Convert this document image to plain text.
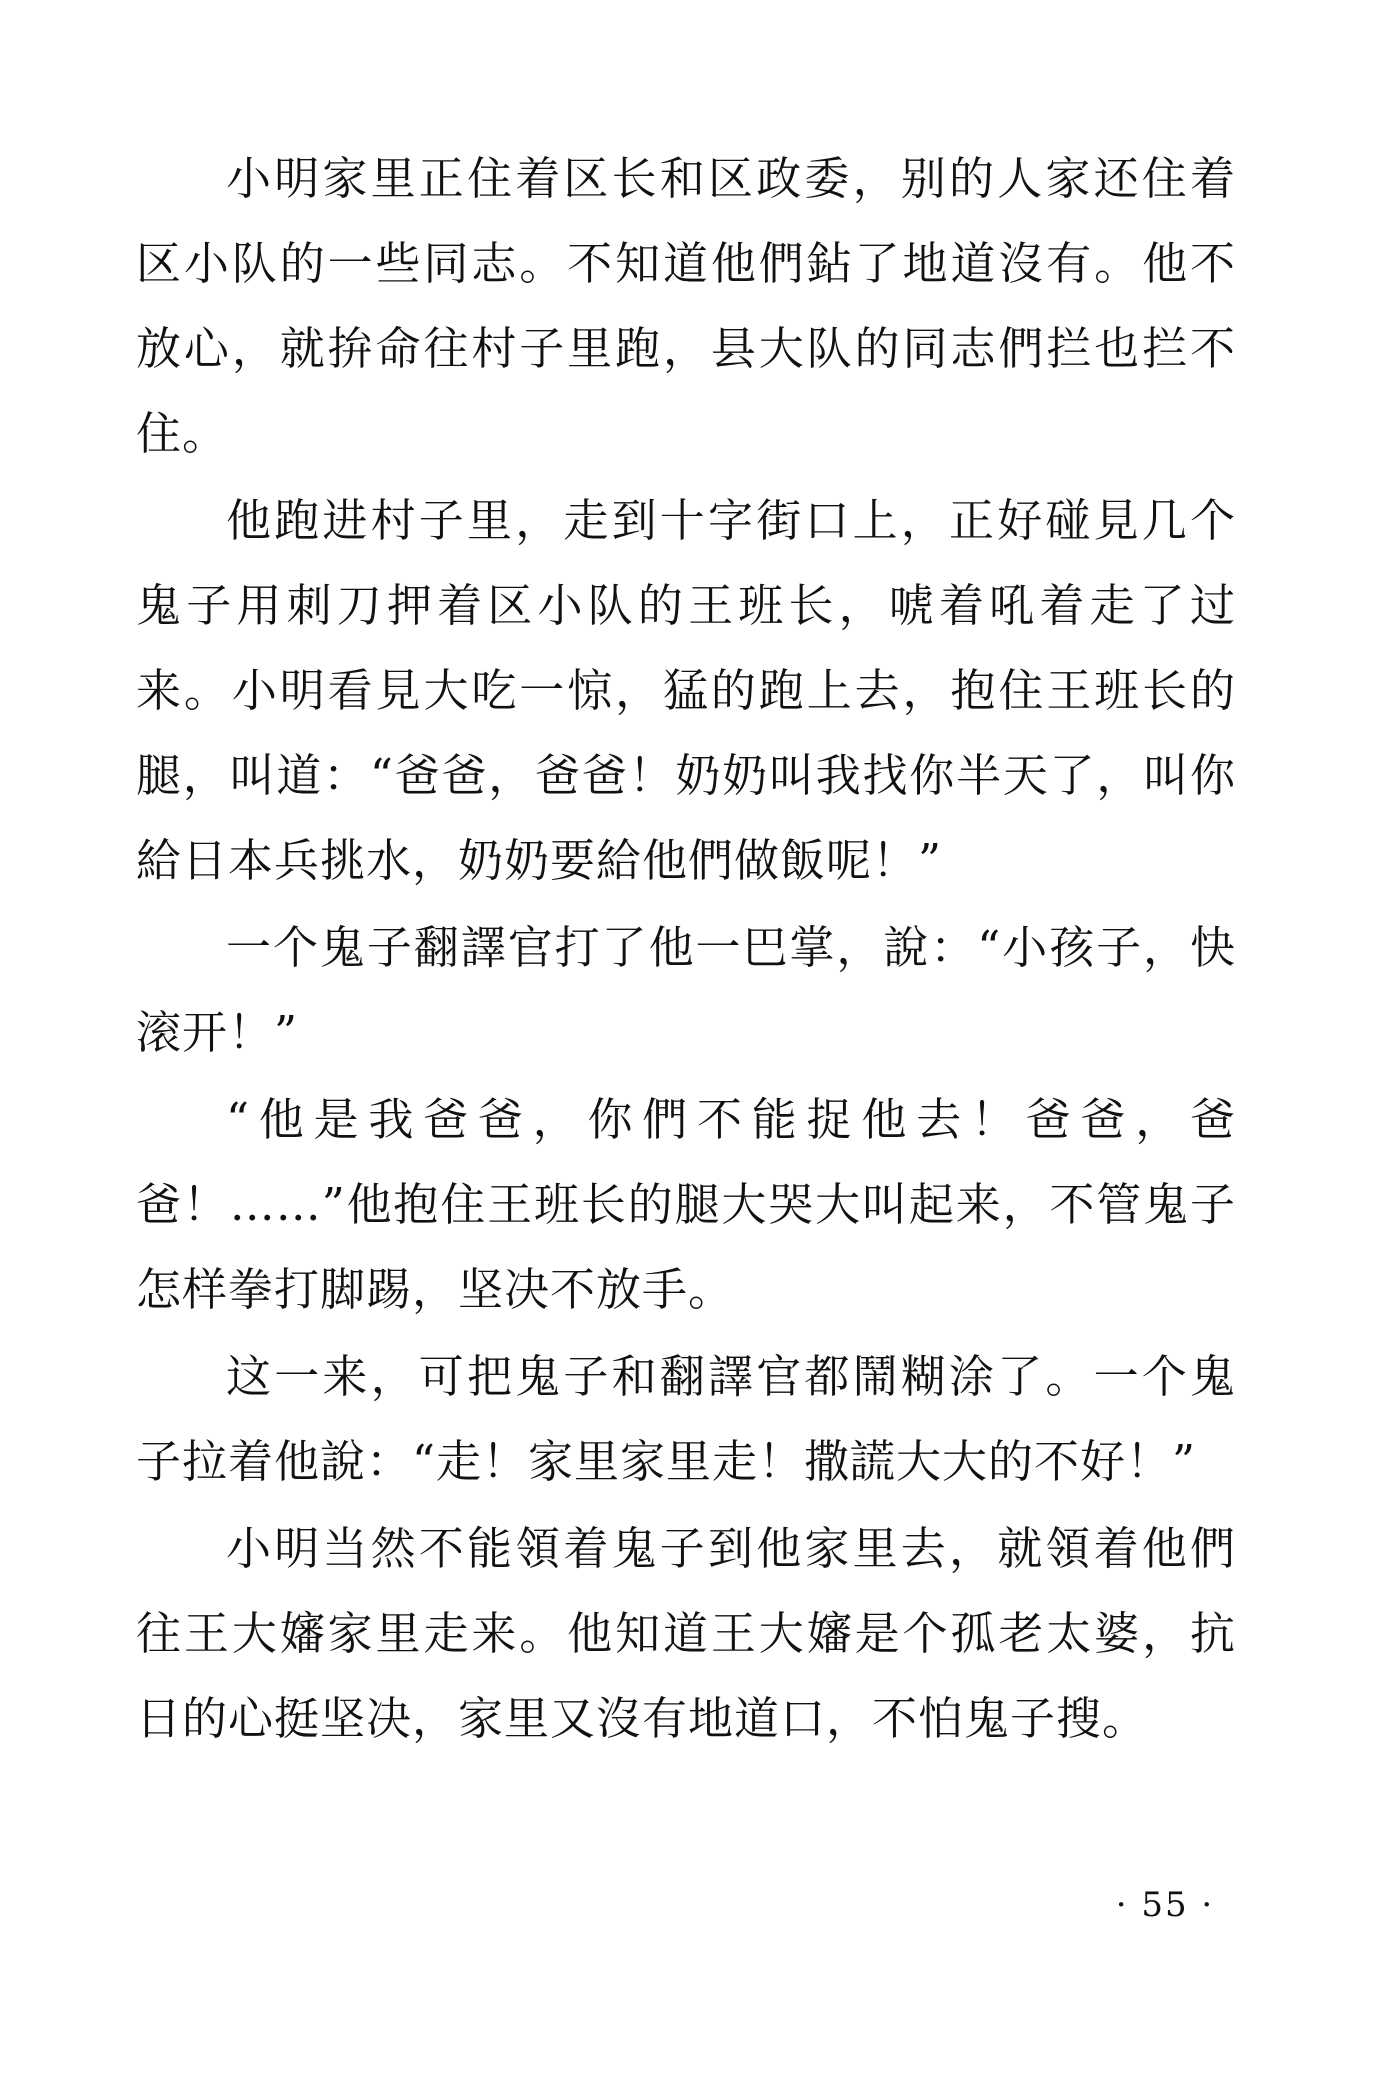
小明家里正住着区长和区政委，别的人家还住着区小队的一些同志。不知道他們鉆了地道沒有。他不放心，就拚命往村子里跑，县大队的同志們拦也拦不住。

他跑进村子里，走到十字街口上，正好碰見几个鬼子用刺刀押着区小队的王班长，唬着吼着走了过来。小明看見大吃一惊，猛的跑上去，抱住王班长的腿，叫道：“爸爸，爸爸！奶奶叫我找你半天了，叫你給日本兵挑水，奶奶要給他們做飯呢！”

一个鬼子翻譯官打了他一巴掌，說：“小孩子，快滚开！”

“他是我爸爸，你們不能捉他去！爸爸，爸爸！……”他抱住王班长的腿大哭大叫起来，不管鬼子怎样拳打脚踢，坚决不放手。

这一来，可把鬼子和翻譯官都鬧糊涂了。一个鬼子拉着他說：“走！家里家里走！撒謊大大的不好！”

小明当然不能領着鬼子到他家里去，就領着他們往王大嬸家里走来。他知道王大嬸是个孤老太婆，抗日的心挺坚决，家里又沒有地道口，不怕鬼子搜。

· 55 ·
